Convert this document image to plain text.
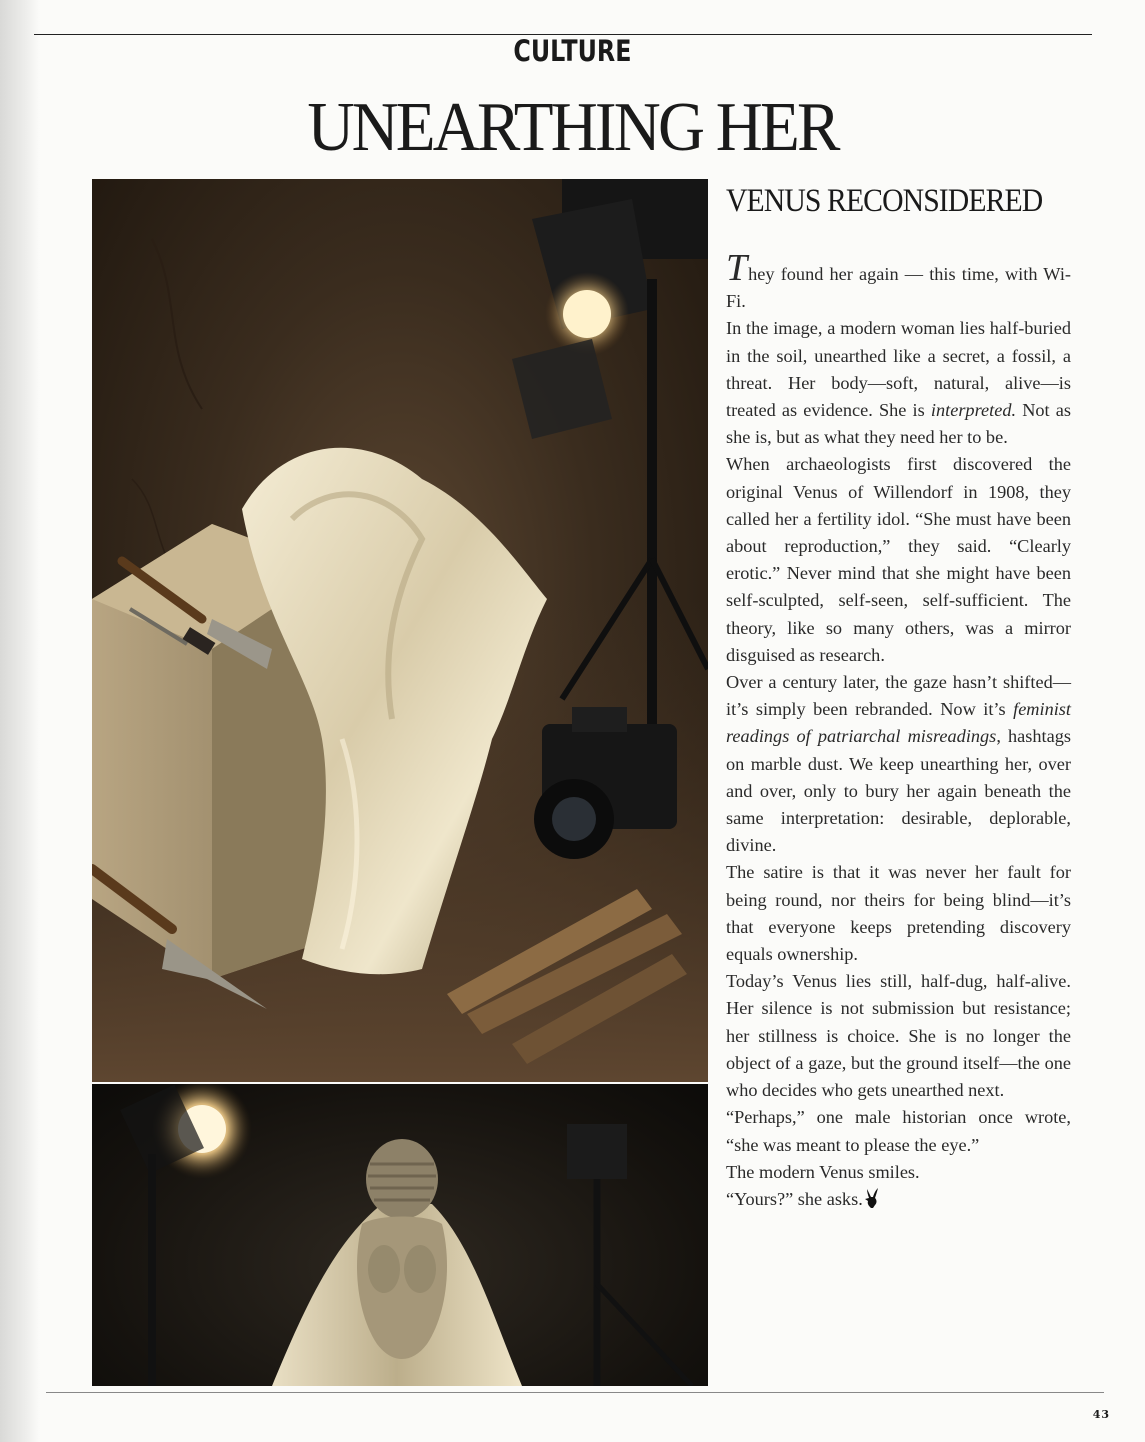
CULTURE
UNEARTHING HER
VENUS RECONSIDERED

They found her again — this time, with Wi-Fi.

In the image, a modern woman lies half-buried in the soil, unearthed like a secret, a fossil, a threat. Her body—soft, natural, alive—is treated as evidence. She is interpreted. Not as she is, but as what they need her to be.

When archaeologists first discovered the original Venus of Willendorf in 1908, they called her a fertility idol. “She must have been about reproduction,” they said. “Clearly erotic.” Never mind that she might have been self-sculpted, self-seen, self-sufficient. The theory, like so many others, was a mirror disguised as research.

Over a century later, the gaze hasn’t shifted—it’s simply been rebranded. Now it’s feminist readings of patriarchal misreadings, hashtags on marble dust. We keep unearthing her, over and over, only to bury her again beneath the same interpretation: desirable, deplorable, divine.

The satire is that it was never her fault for being round, nor theirs for being blind—it’s that everyone keeps pretending discovery equals ownership.

Today’s Venus lies still, half-dug, half-alive. Her silence is not submission but resistance; her stillness is choice. She is no longer the object of a gaze, but the ground itself—the one who decides who gets unearthed next.

“Perhaps,” one male historian once wrote, “she was meant to please the eye.”

The modern Venus smiles.

“Yours?” she asks.

43
